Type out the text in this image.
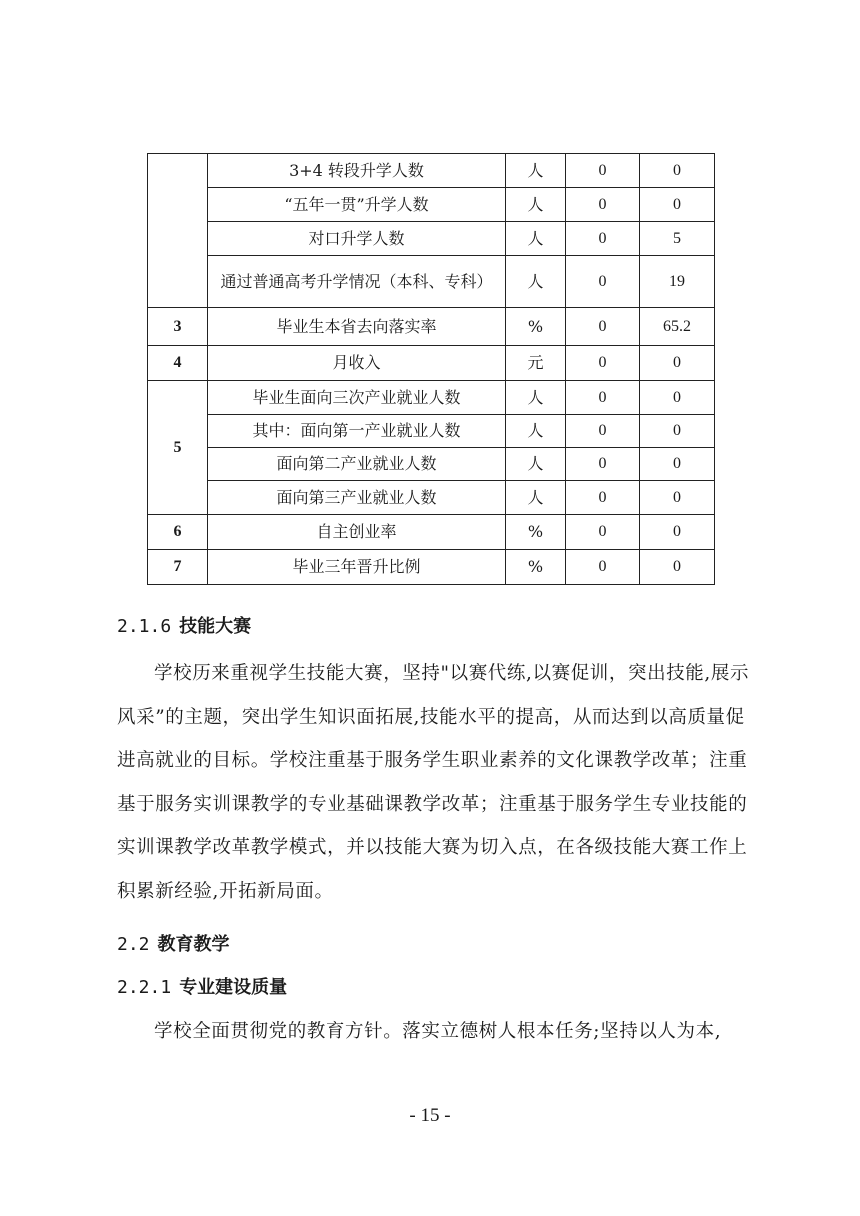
	3+4 转段升学人数	人	0	0
	“五年一贯”升学人数	人	0	0
	对口升学人数	人	0	5
	通过普通高考升学情况（本科、专科）	人	0	19
3	毕业生本省去向落实率	%	0	65.2
4	月收入	元	0	0
5	毕业生面向三次产业就业人数	人	0	0
	其中：面向第一产业就业人数	人	0	0
	面向第二产业就业人数	人	0	0
	面向第三产业就业人数	人	0	0
6	自主创业率	%	0	0
7	毕业三年晋升比例	%	0	0
2.1.6 技能大赛
学校历来重视学生技能大赛，坚持"以赛代练,以赛促训，突出技能,展示风采”的主题，突出学生知识面拓展,技能水平的提高，从而达到以高质量促进高就业的目标。学校注重基于服务学生职业素养的文化课教学改革；注重基于服务实训课教学的专业基础课教学改革；注重基于服务学生专业技能的实训课教学改革教学模式，并以技能大赛为切入点，在各级技能大赛工作上积累新经验,开拓新局面。
2.2 教育教学
2.2.1 专业建设质量
学校全面贯彻党的教育方针。落实立德树人根本任务;坚持以人为本,
- 15 -
